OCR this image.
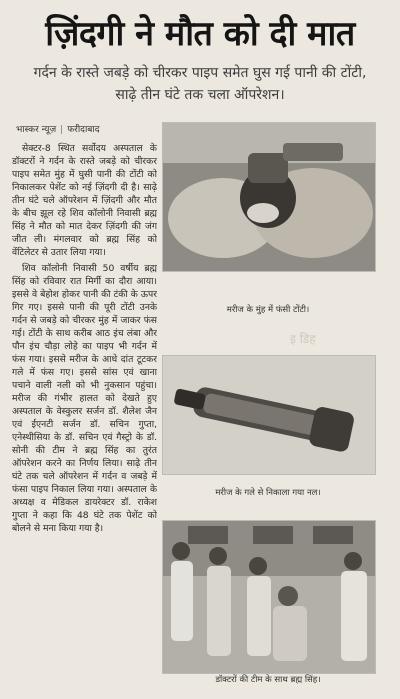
ज़िंदगी ने मौत को दी मात
गर्दन के रास्ते जबड़े को चीरकर पाइप समेत घुस गई पानी की टोंटी, साढ़े तीन घंटे तक चला ऑपरेशन।
भास्कर न्यूज़ | फरीदाबाद

सेक्टर-8 स्थित सर्वोदय अस्पताल के डॉक्टरों ने गर्दन के रास्ते जबड़े को चीरकर पाइप समेत मुंह में घुसी पानी की टोंटी को निकालकर पेशेंट को नई ज़िंदगी दी है। साढ़े तीन घंटे चले ऑपरेशन में ज़िंदगी और मौत के बीच झूल रहे शिव कॉलोनी निवासी ब्रह्म सिंह ने मौत को मात देकर ज़िंदगी की जंग जीत ली। मंगलवार को ब्रह्म सिंह को वेंटिलेटर से उतार लिया गया।

शिव कॉलोनी निवासी 50 वर्षीय ब्रह्म सिंह को रविवार रात मिर्गी का दौरा आया। इससे वे बेहोश होकर पानी की टंकी के ऊपर गिर गए। इससे पानी की पूरी टोंटी उनके गर्दन से जबड़े को चीरकर मुंह में जाकर फंस गई। टोंटी के साथ करीब आठ इंच लंबा और पौन इंच चौड़ा लोहे का पाइप भी गर्दन में फंस गया। इससे मरीज के आधे दांत टूटकर गले में फंस गए। इससे सांस एवं खाना पचाने वाली नली को भी नुकसान पहुंचा। मरीज की गंभीर हालत को देखते हुए अस्पताल के वेस्कुलर सर्जन डॉ. शैलेश जैन एवं ईएनटी सर्जन डॉ. सचिन गुप्ता, एनेस्थीसिया के डॉ. सचिन एवं गैस्ट्रो के डॉ. सोनी की टीम ने ब्रह्म सिंह का तुरंत ऑपरेशन करने का निर्णय लिया। साढ़े तीन घंटे तक चले ऑपरेशन में गर्दन व जबड़े में फंसा पाइप निकाल लिया गया। अस्पताल के अध्यक्ष व मेडिकल डायरेक्टर डॉ. राकेश गुप्ता ने कहा कि 48 घंटे तक पेशेंट को बोलने से मना किया गया है।

मरीज के मुंह में फंसी टोंटी।
इ डिह
मरीज के गले से निकाला गया नल।
डॉक्टरों की टीम के साथ ब्रह्म सिंह।
